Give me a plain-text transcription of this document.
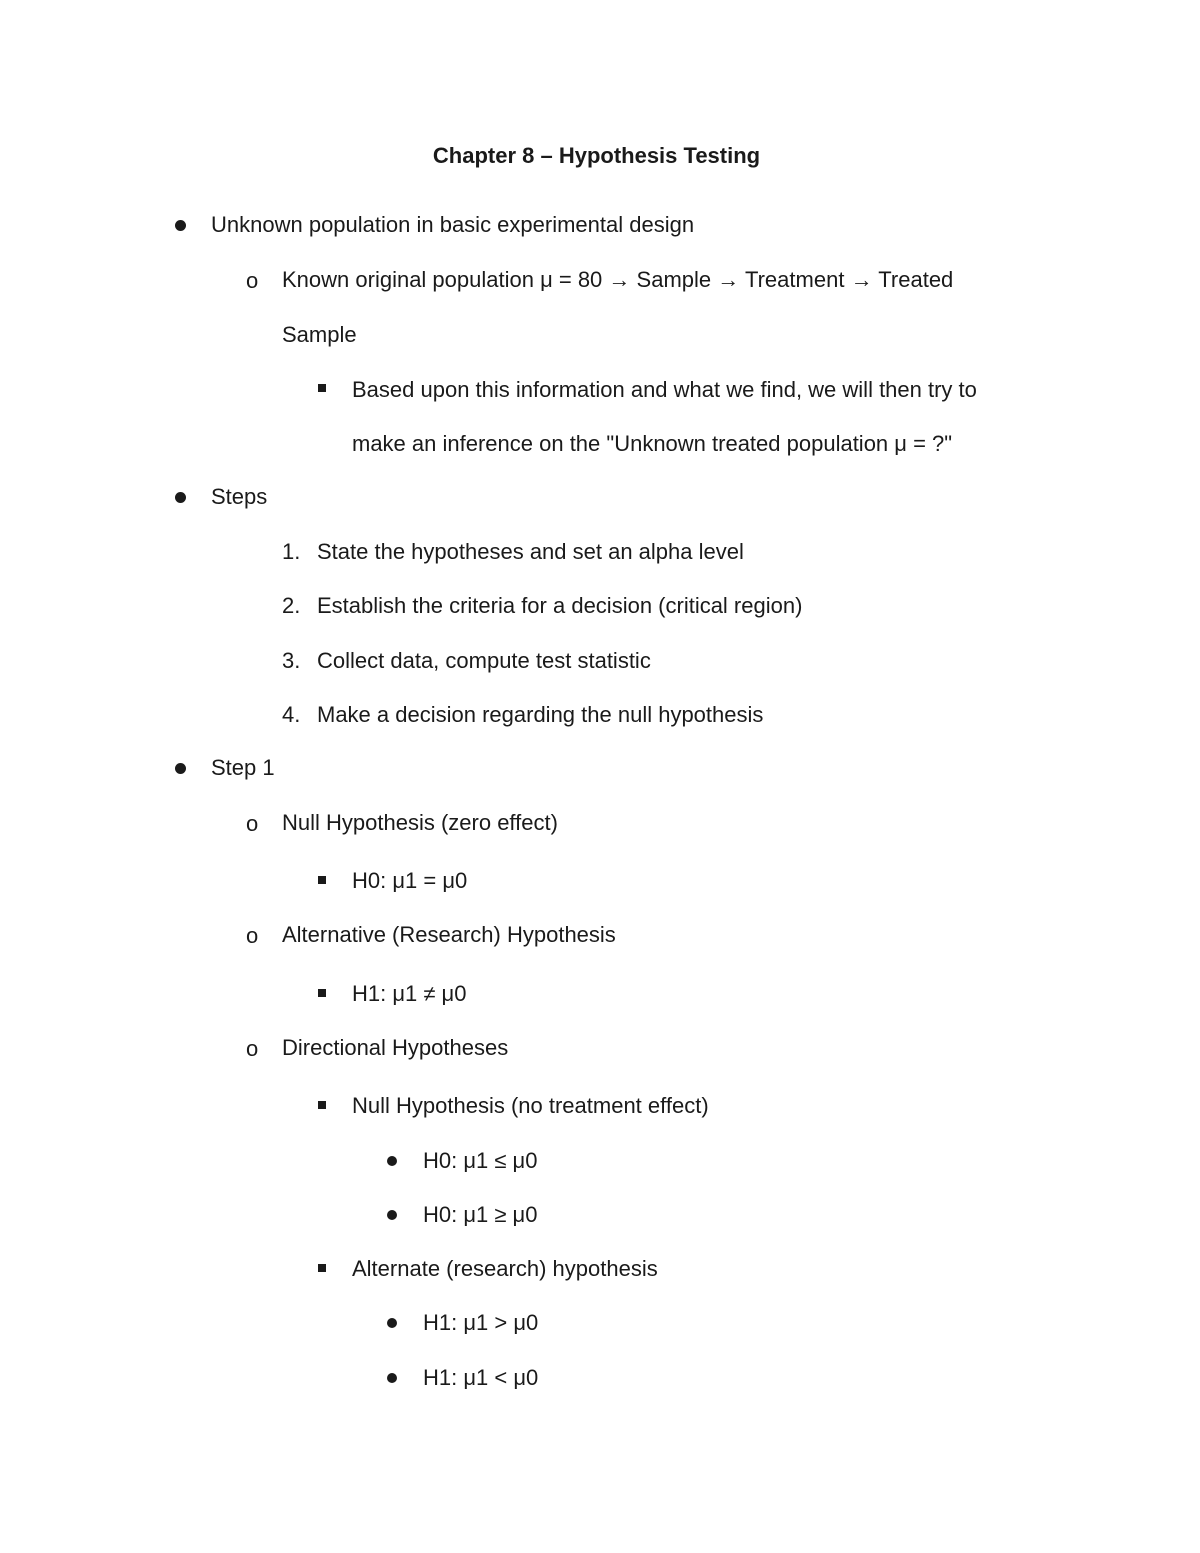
Chapter 8 – Hypothesis Testing
Unknown population in basic experimental design
o Known original population μ = 80 → Sample → Treatment → Treated
Sample
Based upon this information and what we find, we will then try to
make an inference on the "Unknown treated population μ = ?"
Steps
1. State the hypotheses and set an alpha level
2. Establish the criteria for a decision (critical region)
3. Collect data, compute test statistic
4. Make a decision regarding the null hypothesis
Step 1
o Null Hypothesis (zero effect)
H0: μ1 = μ0
o Alternative (Research) Hypothesis
H1: μ1 ≠ μ0
o Directional Hypotheses
Null Hypothesis (no treatment effect)
H0: μ1 ≤ μ0
H0: μ1 ≥ μ0
Alternate (research) hypothesis
H1: μ1 > μ0
H1: μ1 < μ0
